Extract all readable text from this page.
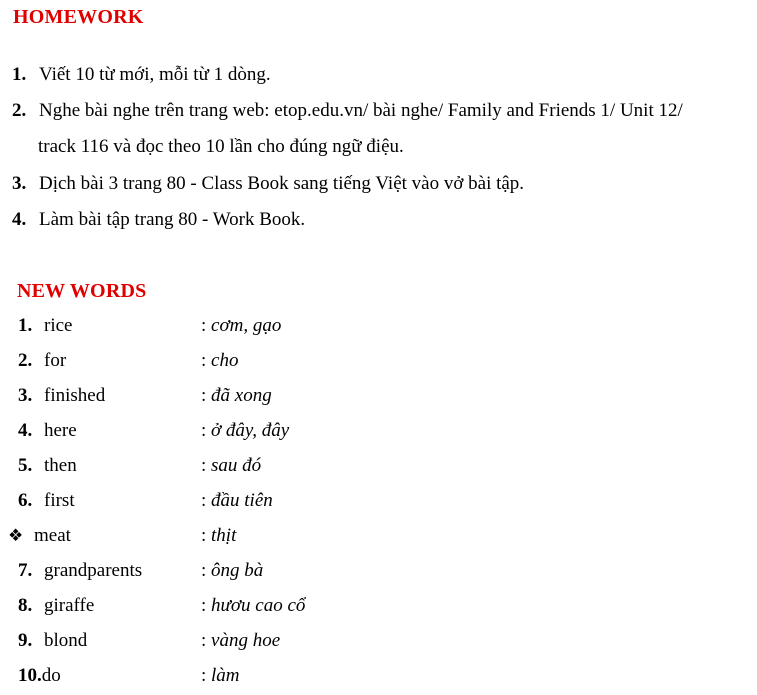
HOMEWORK
1. Viết 10 từ mới, mỗi từ 1 dòng.
2. Nghe bài nghe trên trang web: etop.edu.vn/ bài nghe/ Family and Friends 1/ Unit 12/
track 116 và đọc theo 10 lần cho đúng ngữ điệu.
3. Dịch bài 3 trang 80 - Class Book sang tiếng Việt vào vở bài tập.
4. Làm bài tập trang 80 - Work Book.
NEW WORDS
1. rice	: cơm, gạo
2. for	: cho
3. finished	: đã xong
4. here	: ở đây, đây
5. then	: sau đó
6. first	: đầu tiên
❖ meat	: thịt
7. grandparents	: ông bà
8. giraffe	: hươu cao cổ
9. blond	: vàng hoe
10.do	: làm
